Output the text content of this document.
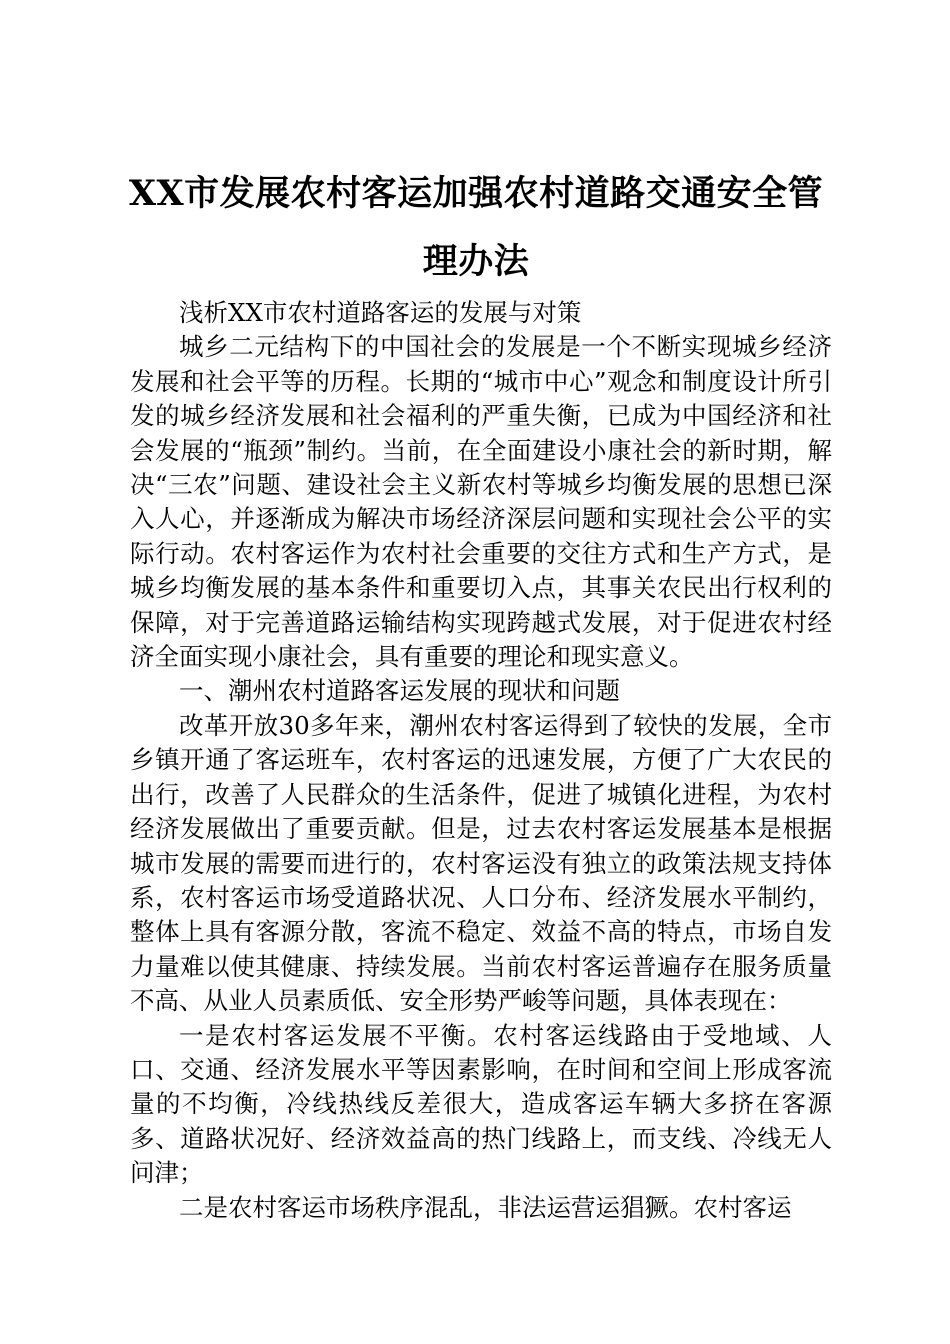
XX市发展农村客运加强农村道路交通安全管理办法

浅析XX市农村道路客运的发展与对策

城乡二元结构下的中国社会的发展是一个不断实现城乡经济发展和社会平等的历程。长期的“城市中心”观念和制度设计所引发的城乡经济发展和社会福利的严重失衡，已成为中国经济和社会发展的“瓶颈”制约。当前，在全面建设小康社会的新时期，解决“三农”问题、建设社会主义新农村等城乡均衡发展的思想已深入人心，并逐渐成为解决市场经济深层问题和实现社会公平的实际行动。农村客运作为农村社会重要的交往方式和生产方式，是城乡均衡发展的基本条件和重要切入点，其事关农民出行权利的保障，对于完善道路运输结构实现跨越式发展，对于促进农村经济全面实现小康社会，具有重要的理论和现实意义。

一、潮州农村道路客运发展的现状和问题

改革开放30多年来，潮州农村客运得到了较快的发展，全市乡镇开通了客运班车，农村客运的迅速发展，方便了广大农民的出行，改善了人民群众的生活条件，促进了城镇化进程，为农村经济发展做出了重要贡献。但是，过去农村客运发展基本是根据城市发展的需要而进行的，农村客运没有独立的政策法规支持体系，农村客运市场受道路状况、人口分布、经济发展水平制约，整体上具有客源分散，客流不稳定、效益不高的特点，市场自发力量难以使其健康、持续发展。当前农村客运普遍存在服务质量不高、从业人员素质低、安全形势严峻等问题，具体表现在：

一是农村客运发展不平衡。农村客运线路由于受地域、人口、交通、经济发展水平等因素影响，在时间和空间上形成客流量的不均衡，冷线热线反差很大，造成客运车辆大多挤在客源多、道路状况好、经济效益高的热门线路上，而支线、冷线无人问津；

二是农村客运市场秩序混乱，非法运营运猖獗。农村客运
